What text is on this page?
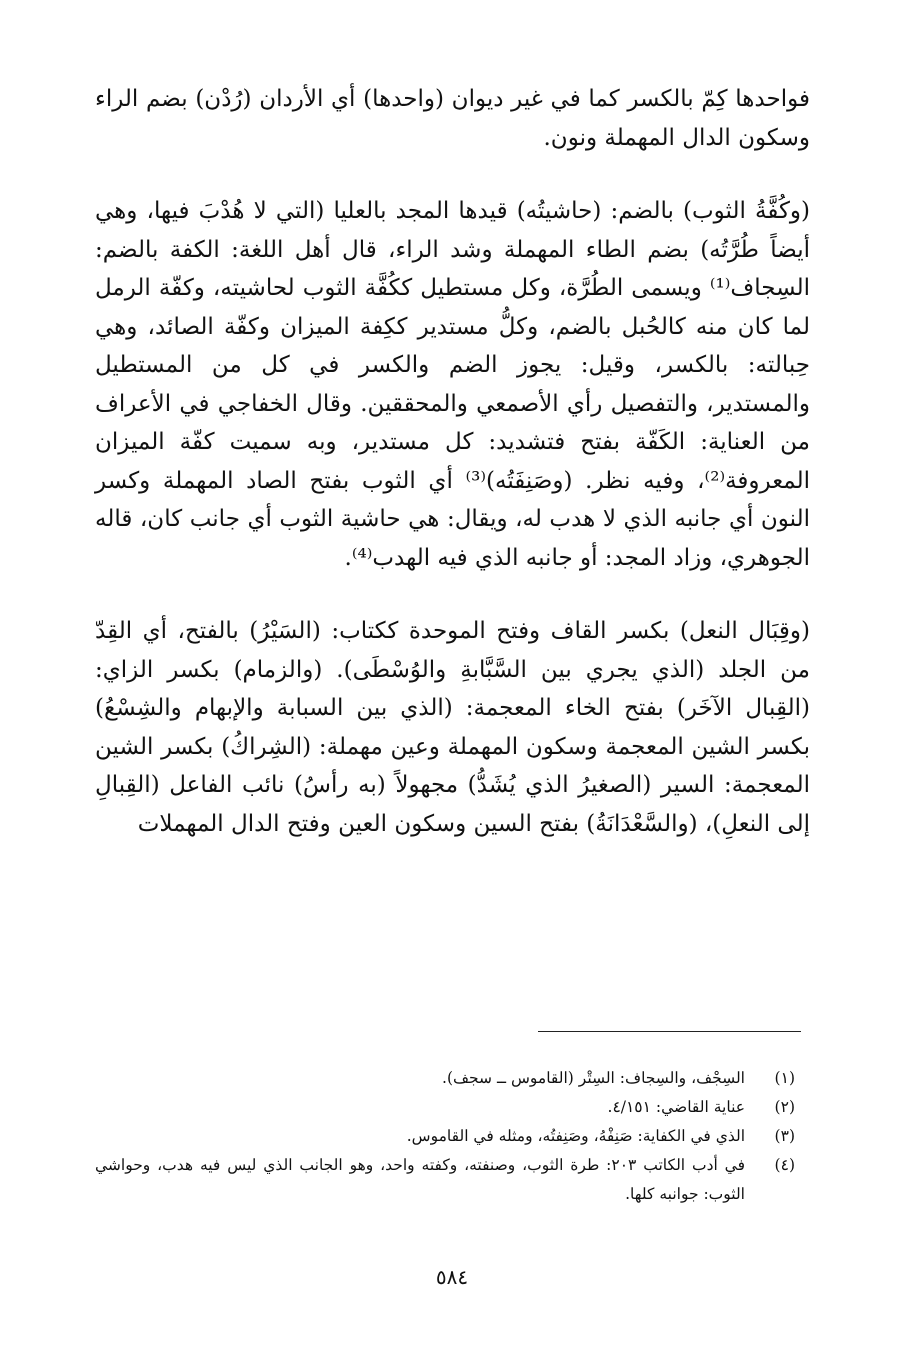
فواحدها كِمّ بالكسر كما في غير ديوان (واحدها) أي الأردان (رُدْن) بضم الراء وسكون الدال المهملة ونون.

(وكُفَّةُ الثوب) بالضم: (حاشيتُه) قيدها المجد بالعليا (التي لا هُدْبَ فيها، وهي أيضاً طُرَّتُه) بضم الطاء المهملة وشد الراء، قال أهل اللغة: الكفة بالضم: السِجاف⁽¹⁾ ويسمى الطُرَّة، وكل مستطيل ككُفَّة الثوب لحاشيته، وكفّة الرمل لما كان منه كالحُبل بالضم، وكلُّ مستدير ككِفة الميزان وكفّة الصائد، وهي حِبالته: بالكسر، وقيل: يجوز الضم والكسر في كل من المستطيل والمستدير، والتفصيل رأي الأصمعي والمحققين. وقال الخفاجي في الأعراف من العناية: الكَفّة بفتح فتشديد: كل مستدير، وبه سميت كفّة الميزان المعروفة⁽²⁾، وفيه نظر. (وصَنِفَتُه)⁽³⁾ أي الثوب بفتح الصاد المهملة وكسر النون أي جانبه الذي لا هدب له، ويقال: هي حاشية الثوب أي جانب كان، قاله الجوهري، وزاد المجد: أو جانبه الذي فيه الهدب⁽⁴⁾.

(وقِبَال النعل) بكسر القاف وفتح الموحدة ككتاب: (السَيْرُ) بالفتح، أي القِدّ من الجلد (الذي يجري بين السَّبَّابةِ والوُسْطَى). (والزمام) بكسر الزاي: (القِبال الآخَر) بفتح الخاء المعجمة: (الذي بين السبابة والإبهام والشِسْعُ) بكسر الشين المعجمة وسكون المهملة وعين مهملة: (الشِراكُ) بكسر الشين المعجمة: السير (الصغيرُ الذي يُشَدُّ) مجهولاً (به رأسُ) نائب الفاعل (القِبالِ إلى النعلِ)، (والسَّعْدَانَةُ) بفتح السين وسكون العين وفتح الدال المهملات

(١)
السِجْف، والسِجاف: السِتْر (القاموس ــ سجف).
(٢)
عناية القاضي: ٤/١٥١.
(٣)
الذي في الكفاية: صَنِفْهُ، وصَنِفتُه، ومثله في القاموس.
(٤)
في أدب الكاتب ٢٠٣: طرة الثوب، وصنفته، وكفته واحد، وهو الجانب الذي ليس فيه هدب، وحواشي الثوب: جوانبه كلها.
٥٨٤
